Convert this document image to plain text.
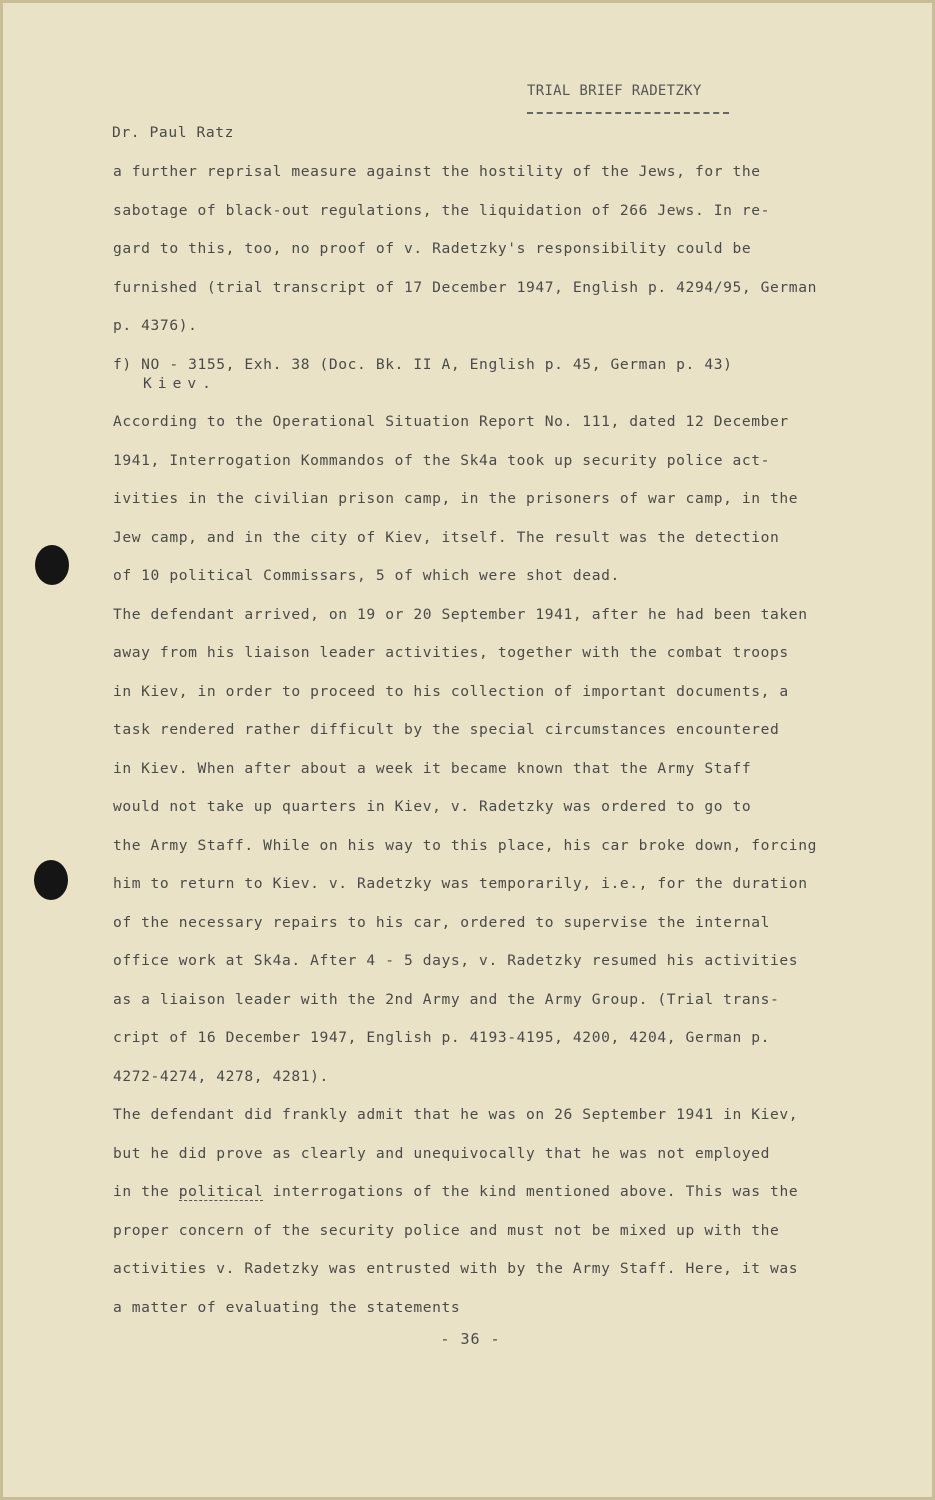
TRIAL BRIEF RADETZKY
Dr. Paul Ratz
a further reprisal measure against the hostility of the Jews, for the
sabotage of black-out regulations, the liquidation of 266 Jews. In re-
gard to this, too, no proof of v. Radetzky's responsibility could be
furnished (trial transcript of 17 December 1947, English p. 4294/95, German
p. 4376).
f) NO - 3155, Exh. 38 (Doc. Bk. II A, English p. 45, German p. 43)
Kiev.
According to the Operational Situation Report No. 111, dated 12 December
1941, Interrogation Kommandos of the Sk4a took up security police act-
ivities in the civilian prison camp, in the prisoners of war camp, in the
Jew camp, and in the city of Kiev, itself. The result was the detection
of 10 political Commissars, 5 of which were shot dead.
The defendant arrived, on 19 or 20 September 1941, after he had been taken
away from his liaison leader activities, together with the combat troops
in Kiev, in order to proceed to his collection of important documents, a
task rendered rather difficult by the special circumstances encountered
in Kiev. When after about a week it became known that the Army Staff
would not take up quarters in Kiev, v. Radetzky was ordered to go to
the Army Staff. While on his way to this place, his car broke down, forcing
him to return to Kiev. v. Radetzky was temporarily, i.e., for the duration
of the necessary repairs to his car, ordered to supervise the internal
office work at Sk4a. After 4 - 5 days, v. Radetzky resumed his activities
as a liaison leader with the 2nd Army and the Army Group. (Trial trans-
cript of 16 December 1947, English p. 4193-4195, 4200, 4204, German p.
4272-4274, 4278, 4281).
The defendant did frankly admit that he was on 26 September 1941 in Kiev,
but he did prove as clearly and unequivocally that he was not employed
in the political interrogations of the kind mentioned above. This was the
proper concern of the security police and must not be mixed up with the
activities v. Radetzky was entrusted with by the Army Staff. Here, it was
a matter of evaluating the statements
- 36 -
